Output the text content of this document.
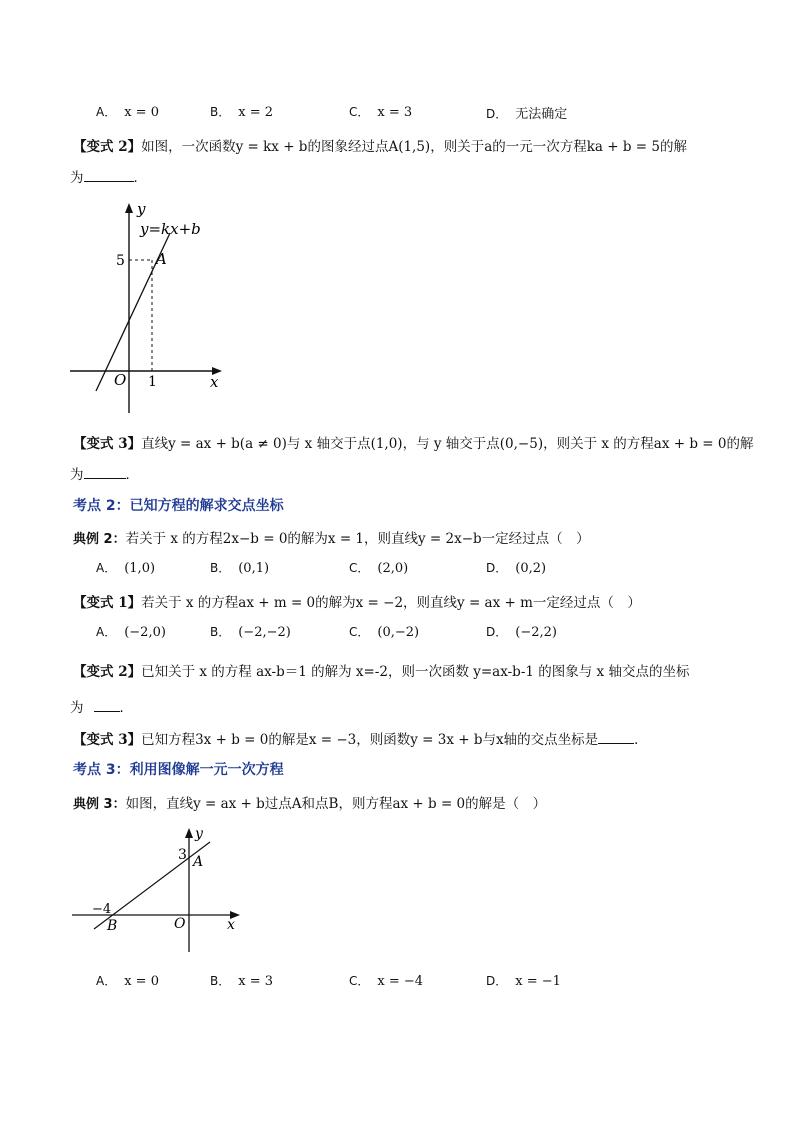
A． x = 0	B． x = 2	C． x = 3	D． 无法确定
【变式 2】如图，一次函数y = kx + b的图象经过点A(1,5)，则关于a的一元一次方程ka + b = 5的解
为	．
y
y=kx+b
A
5
O 1	x
【变式 3】直线y = ax + b(a ≠ 0)与 x 轴交于点(1,0)，与 y 轴交于点(0,−5)，则关于 x 的方程ax + b = 0的解
为	．
考点 2：已知方程的解求交点坐标
典例 2：若关于 x 的方程2x−b = 0的解为x = 1，则直线y = 2x−b一定经过点（　）
A． (1,0)	B． (0,1)	C． (2,0)	D． (0,2)
【变式 1】若关于 x 的方程ax + m = 0的解为x = −2，则直线y = ax + m一定经过点（　）
A． (−2,0)	B． (−2,−2)	C． (0,−2)	D． (−2,2)
【变式 2】已知关于 x 的方程 ax-b＝1 的解为 x=-2，则一次函数 y=ax-b-1 的图象与 x 轴交点的坐标
为	．
【变式 3】已知方程3x + b = 0的解是x = −3，则函数y = 3x + b与x轴的交点坐标是	．
考点 3：利用图像解一元一次方程
典例 3：如图，直线y = ax + b过点A和点B，则方程ax + b = 0的解是（　）
y
3 A
−4
B	O	x
A． x = 0	B． x = 3	C． x = −4	D． x = −1
